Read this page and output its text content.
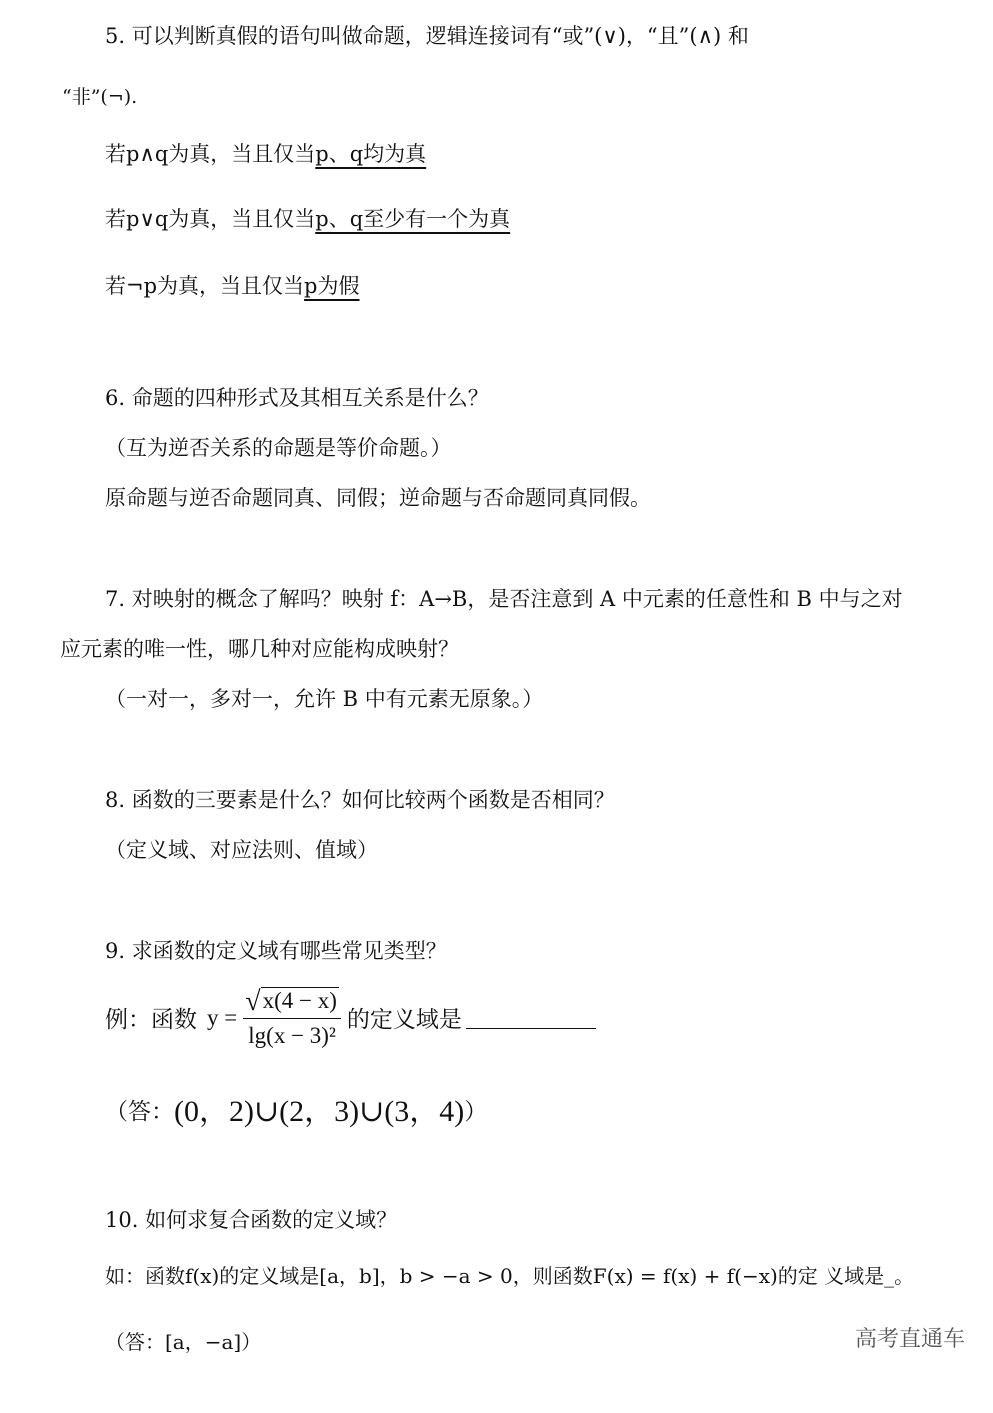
5. 可以判断真假的语句叫做命题，逻辑连接词有“或”(∨)，“且”(∧) 和
“非”(¬).
若p∧q为真，当且仅当p、q均为真
若p∨q为真，当且仅当p、q至少有一个为真
若¬p为真，当且仅当p为假
6. 命题的四种形式及其相互关系是什么？
（互为逆否关系的命题是等价命题。）
原命题与逆否命题同真、同假；逆命题与否命题同真同假。
7. 对映射的概念了解吗？映射 f：A→B，是否注意到 A 中元素的任意性和 B 中与之对
应元素的唯一性，哪几种对应能构成映射？
（一对一，多对一，允许 B 中有元素无原象。）
8. 函数的三要素是什么？如何比较两个函数是否相同？
（定义域、对应法则、值域）
9. 求函数的定义域有哪些常见类型？
例：函数 $y = \frac{√ x(4 - x)}{\text{lg(x − 3)²}}$ 的定义域是
（答：(0，2)∪(2，3)∪(3，4)）
10. 如何求复合函数的定义域？
如：函数f(x)的定义域是[a，b]，b > −a > 0，则函数F(x) = f(x) + f(−x)的定 义域是_。
（答：[a，−a]）	高考直通车
